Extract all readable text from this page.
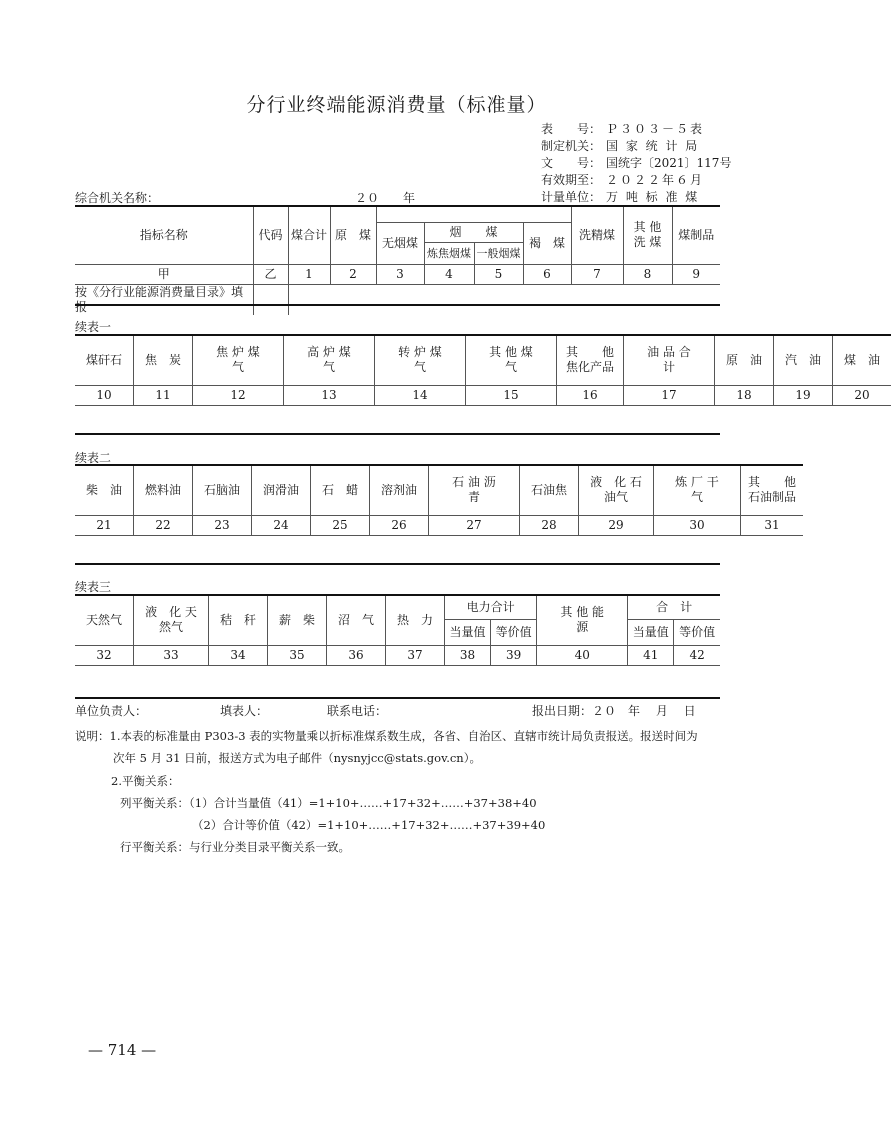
分行业终端能源消费量（标准量）
表　　号： Ｐ３０３－５表
制定机关： 国 家 统 计 局
文　　号： 国统字〔2021〕117号
有效期至： ２０２２年６月
计量单位： 万 吨 标 准 煤
综合机关名称：	２０　　年
指标名称	代码	煤合计	原　煤					洗精煤	其 他 洗 煤	煤制品
				无烟煤	烟　　煤		褐　煤			
					炼焦烟煤	一般烟煤				
甲	乙	1	2	3	4	5	6	7	8	9
按《分行业能源消费量目录》填报										
续表一
煤矸石	焦　炭	焦 炉 煤 气	高 炉 煤 气	转 炉 煤 气	其 他 煤 气	其　　他 焦化产品	油 品 合 计	原　油	汽　油	煤　油
10	11	12	13	14	15	16	17	18	19	20
续表二
柴　油	燃料油	石脑油	润滑油	石　蜡	溶剂油	石 油 沥 青	石油焦	液　化 石油气	炼 厂 干 气	其　　他 石油制品
21	22	23	24	25	26	27	28	29	30	31
续表三
天然气	液　化 天然气	秸　秆	薪　柴	沼　气	热　力	电力合计		其 他 能 源	合　计	
						当量值	等价值		当量值	等价值
32	33	34	35	36	37	38	39	40	41	42
单位负责人：	填表人：	联系电话：	报出日期：２０　年　 月　 日
说明：1.本表的标准量由 P303-3 表的实物量乘以折标准煤系数生成，各省、自治区、直辖市统计局负责报送。报送时间为
次年 5 月 31 日前，报送方式为电子邮件（nysnyjcc@stats.gov.cn）。
2.平衡关系：
列平衡关系：（1）合计当量值（41）=1+10+……+17+32+……+37+38+40
（2）合计等价值（42）=1+10+……+17+32+……+37+39+40
行平衡关系：与行业分类目录平衡关系一致。
— 714 —
